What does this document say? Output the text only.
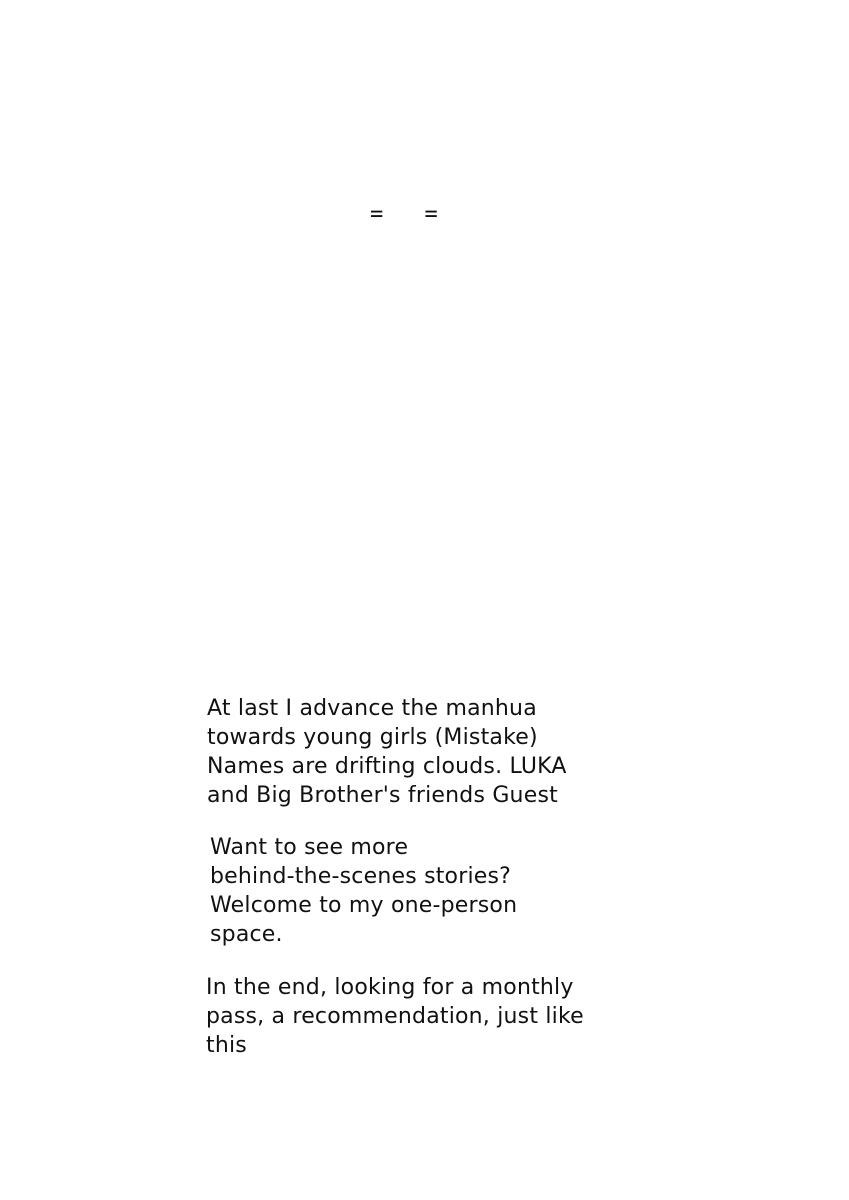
= =
At last I advance the manhua
towards young girls (Mistake)
Names are drifting clouds. LUKA
and Big Brother's friends Guest
Want to see more
behind-the-scenes stories?
Welcome to my one-person
space.
In the end, looking for a monthly
pass, a recommendation, just like
this
